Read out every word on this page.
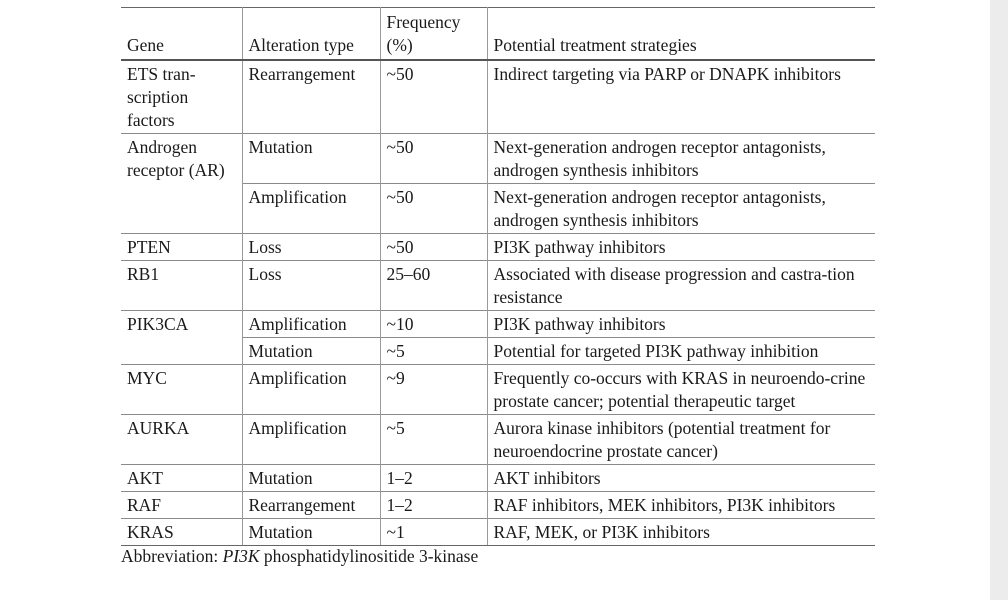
Gene	Alteration type	Frequency (%)	Potential treatment strategies
ETS tran-scription factors	Rearrangement	~50	Indirect targeting via PARP or DNAPK inhibitors
Androgen receptor (AR)	Mutation	~50	Next-generation androgen receptor antagonists, androgen synthesis inhibitors
	Amplification	~50	Next-generation androgen receptor antagonists, androgen synthesis inhibitors
PTEN	Loss	~50	PI3K pathway inhibitors
RB1	Loss	25–60	Associated with disease progression and castra-tion resistance
PIK3CA	Amplification	~10	PI3K pathway inhibitors
	Mutation	~5	Potential for targeted PI3K pathway inhibition
MYC	Amplification	~9	Frequently co-occurs with KRAS in neuroendo-crine prostate cancer; potential therapeutic target
AURKA	Amplification	~5	Aurora kinase inhibitors (potential treatment for neuroendocrine prostate cancer)
AKT	Mutation	1–2	AKT inhibitors
RAF	Rearrangement	1–2	RAF inhibitors, MEK inhibitors, PI3K inhibitors
KRAS	Mutation	~1	RAF, MEK, or PI3K inhibitors
Abbreviation: PI3K phosphatidylinositide 3-kinase
